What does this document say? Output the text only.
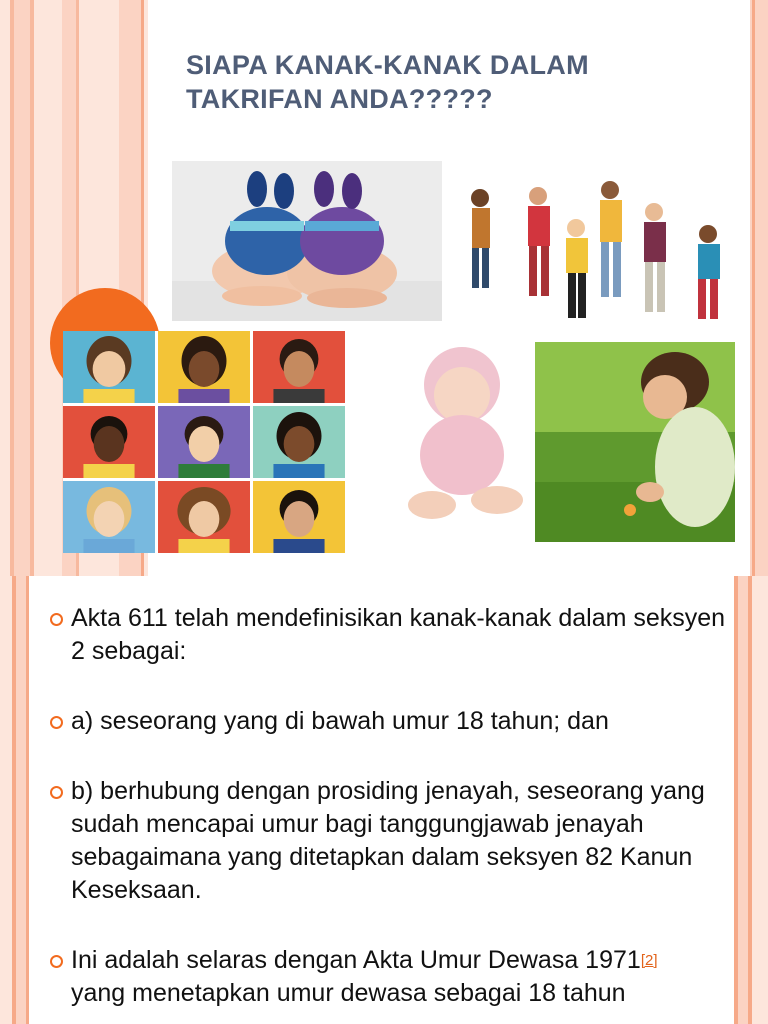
SIAPA KANAK-KANAK DALAM
TAKRIFAN ANDA?????
Akta 611 telah mendefinisikan kanak-kanak dalam seksyen 2 sebagai:
a) seseorang yang di bawah umur 18 tahun; dan
b) berhubung dengan prosiding jenayah, seseorang yang sudah mencapai umur bagi tanggungjawab jenayah sebagaimana yang ditetapkan dalam seksyen 82 Kanun Keseksaan.
Ini adalah selaras dengan Akta Umur Dewasa 1971[2]
yang menetapkan umur dewasa sebagai 18 tahun
